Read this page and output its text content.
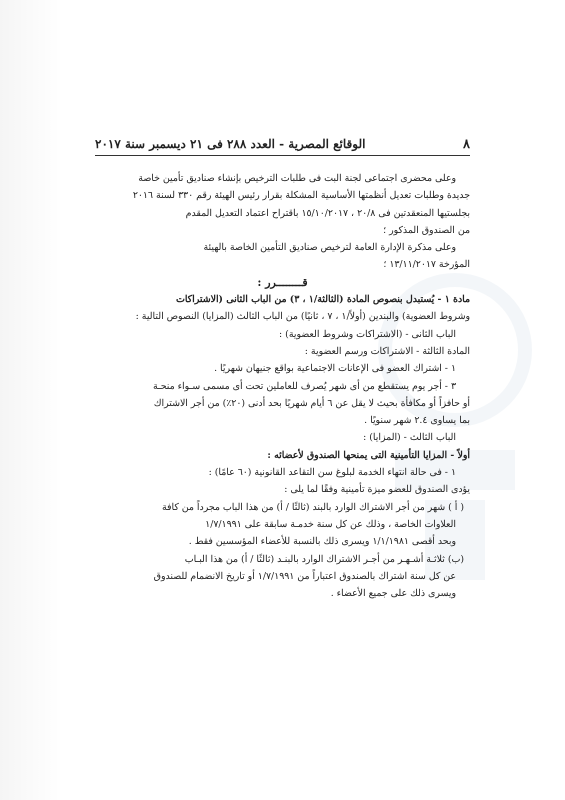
٨
الوقائع المصرية - العدد ٢٨٨ فى ٢١ ديسمبر سنة ٢٠١٧

وعلى محضرى اجتماعى لجنة البت فى طلبات الترخيص بإنشاء صناديق تأمين خاصة

جديدة وطلبات تعديل أنظمتها الأساسية المشكلة بقرار رئيس الهيئة رقم ٣٣٠ لسنة ٢٠١٦

بجلستيها المنعقدتين فى ٢٠/٨ ، ١٥/١٠/٢٠١٧ باقتراح اعتماد التعديل المقدم

من الصندوق المذكور ؛

وعلى مذكرة الإدارة العامة لترخيص صناديق التأمين الخاصة بالهيئة

المؤرخة ١٣/١١/٢٠١٧ ؛

قــــــــرر :

مادة ١ - يُستبدل بنصوص المادة (الثالثة/١ ، ٣) من الباب الثانى (الاشتراكات

وشروط العضوية) والبندين (أولاً/١ ، ٧ ، ثانيًا) من الباب الثالث (المزايا) النصوص التالية :

الباب الثانى - (الاشتراكات وشروط العضوية) :

المادة الثالثة - الاشتراكات ورسم العضوية :

١ - اشتراك العضو فى الإعانات الاجتماعية بواقع جنيهان شهريًا .

٣ - أجر يوم يستقطع من أى شهر يُصرف للعاملين تحت أى مسمى سـواء منحـة

أو حافزاً أو مكافأة بحيث لا يقل عن ٦ أيام شهريًا بحد أدنى (٢٠٪) من أجر الاشتراك

بما يساوى ٢.٤ شهر سنويًا .

الباب الثالث - (المزايا) :

أولاً - المزايا التأمينية التى يمنحها الصندوق لأعضائه :

١ - فى حالة انتهاء الخدمة لبلوغ سن التقاعد القانونية (٦٠ عامًا) :

يؤدى الصندوق للعضو ميزة تأمينية وفقًا لما يلى :

( أ ) شهر من أجر الاشتراك الوارد بالبند (ثالثًا / أ) من هذا الباب مجرداً من كافة

العلاوات الخاصة ، وذلك عن كل سنة خدمـة سابقة على ١/٧/١٩٩١

وبحد أقصى ١/١/١٩٨١ ويسرى ذلك بالنسبة للأعضاء المؤسسين فقط .

(ب) ثلاثـة أشـهـر من أجـر الاشتراك الوارد بالبنـد (ثالثًا / أ) من هذا البـاب

عن كل سنة اشتراك بالصندوق اعتباراً من ١/٧/١٩٩١ أو تاريخ الانضمام للصندوق

ويسرى ذلك على جميع الأعضاء .
